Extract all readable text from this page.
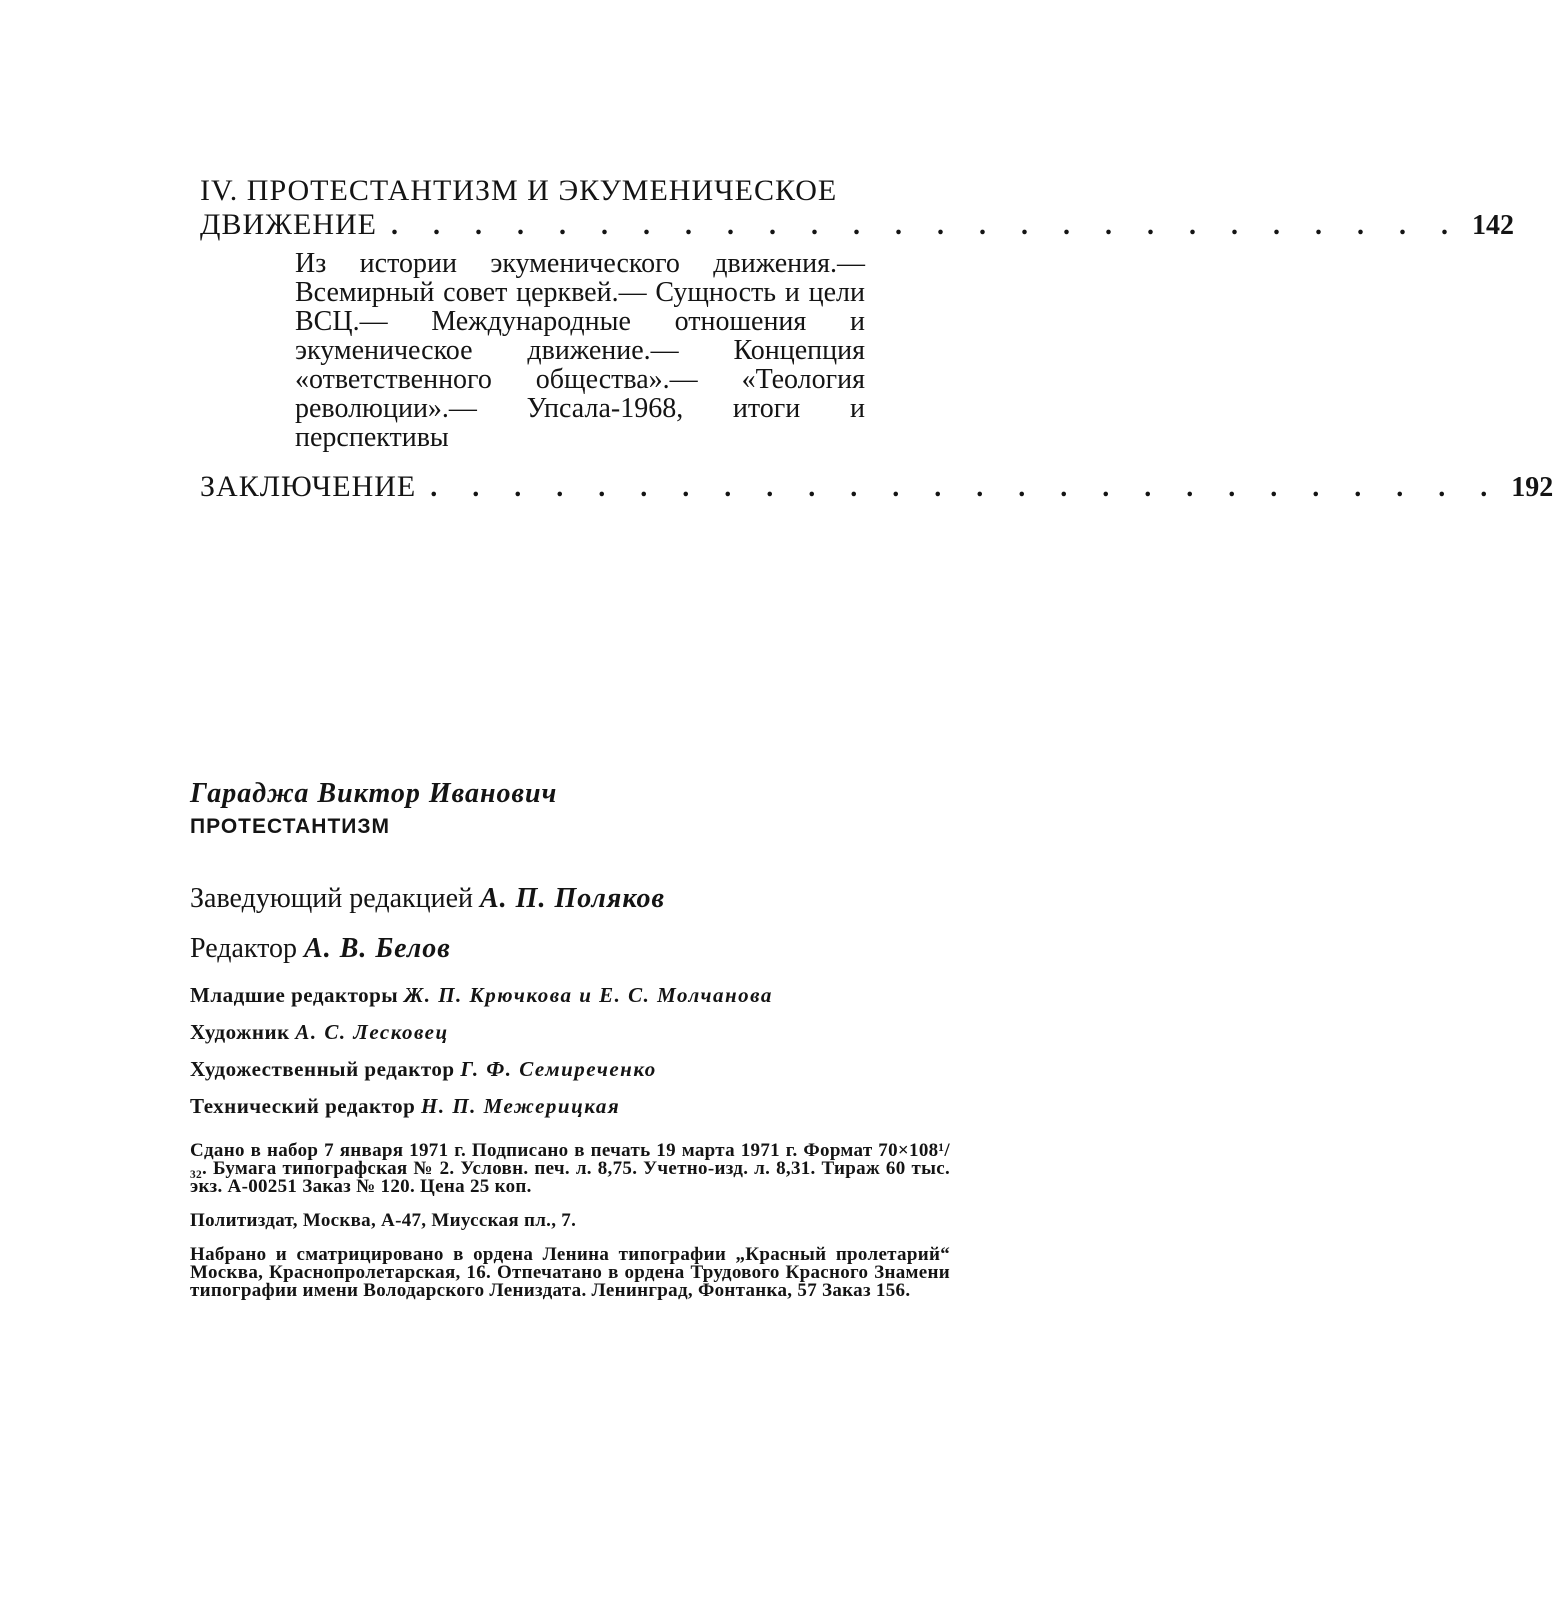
IV. ПРОТЕСТАНТИЗМ И ЭКУМЕНИЧЕСКОЕ
ДВИЖЕНИЕ . . . . . . . . . . . . . . . . . . . . . . . . . . 142
Из истории экуменического движения.— Всемирный совет церквей.— Сущность и цели ВСЦ.— Международные отношения и экуменическое движение.— Концепция «ответственного общества».— «Теология революции».— Упсала-1968, итоги и перспективы
ЗАКЛЮЧЕНИЕ . . . . . . . . . . . . . . . . . . . . . . . . . . 192
Гараджа Виктор Иванович
ПРОТЕСТАНТИЗМ
Заведующий редакцией А. П. Поляков
Редактор А. В. Белов
Младшие редакторы Ж. П. Крючкова и Е. С. Молчанова
Художник А. С. Лесковец
Художественный редактор Г. Ф. Семиреченко
Технический редактор Н. П. Межерицкая
Сдано в набор 7 января 1971 г. Подписано в печать 19 марта 1971 г. Формат 70×108¹/₃₂. Бумага типографская № 2. Условн. печ. л. 8,75. Учетно-изд. л. 8,31. Тираж 60 тыс. экз. А-00251 Заказ № 120. Цена 25 коп.
Политиздат, Москва, А-47, Миусская пл., 7.
Набрано и сматрицировано в ордена Ленина типографии „Красный пролетарий“ Москва, Краснопролетарская, 16. Отпечатано в ордена Трудового Красного Знамени типографии имени Володарского Лениздата. Ленинград, Фонтанка, 57 Заказ 156.
